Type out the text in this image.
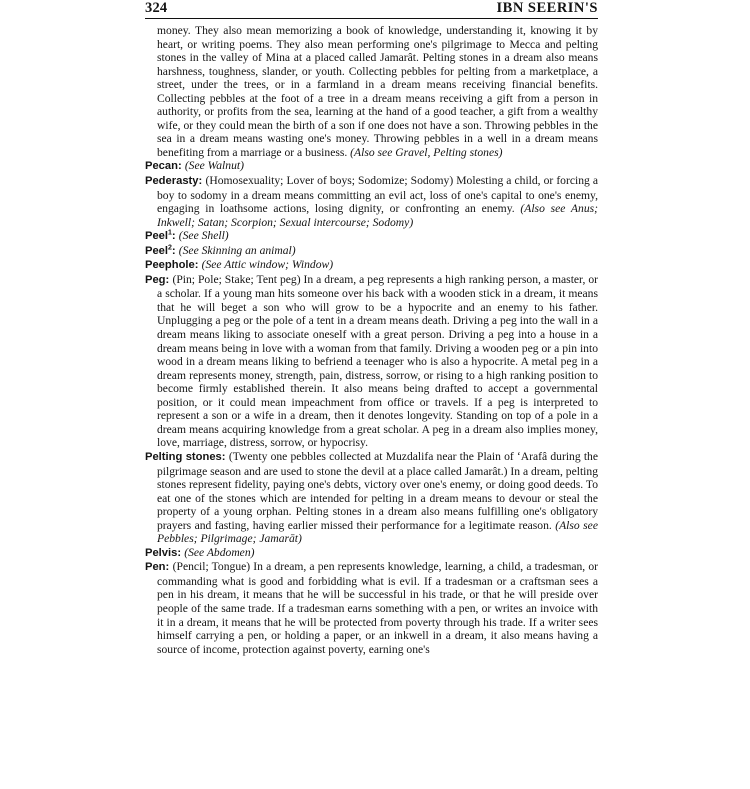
324	IBN SEERIN'S

money. They also mean memorizing a book of knowledge, understanding it, knowing it by heart, or writing poems. They also mean performing one's pilgrimage to Mecca and pelting stones in the valley of Mina at a placed called Jamarât. Pelting stones in a dream also means harshness, toughness, slander, or youth. Collecting pebbles for pelting from a marketplace, a street, under the trees, or in a farmland in a dream means receiving financial benefits. Collecting pebbles at the foot of a tree in a dream means receiving a gift from a person in authority, or profits from the sea, learning at the hand of a good teacher, a gift from a wealthy wife, or they could mean the birth of a son if one does not have a son. Throwing pebbles in the sea in a dream means wasting one's money. Throwing pebbles in a well in a dream means benefiting from a marriage or a business. (Also see Gravel, Pelting stones)

Pecan: (See Walnut)

Pederasty: (Homosexuality; Lover of boys; Sodomize; Sodomy) Molesting a child, or forcing a boy to sodomy in a dream means committing an evil act, loss of one's capital to one's enemy, engaging in loathsome actions, losing dignity, or confronting an enemy. (Also see Anus; Inkwell; Satan; Scorpion; Sexual intercourse; Sodomy)

Peel$^1$: (See Shell)

Peel$^2$: (See Skinning an animal)

Peephole: (See Attic window; Window)

Peg: (Pin; Pole; Stake; Tent peg) In a dream, a peg represents a high ranking person, a master, or a scholar. If a young man hits someone over his back with a wooden stick in a dream, it means that he will beget a son who will grow to be a hypocrite and an enemy to his father. Unplugging a peg or the pole of a tent in a dream means death. Driving a peg into the wall in a dream means liking to associate oneself with a great person. Driving a peg into a house in a dream means being in love with a woman from that family. Driving a wooden peg or a pin into wood in a dream means liking to befriend a teenager who is also a hypocrite. A metal peg in a dream represents money, strength, pain, distress, sorrow, or rising to a high ranking position to become firmly established therein. It also means being drafted to accept a governmental position, or it could mean impeachment from office or travels. If a peg is interpreted to represent a son or a wife in a dream, then it denotes longevity. Standing on top of a pole in a dream means acquiring knowledge from a great scholar. A peg in a dream also implies money, love, marriage, distress, sorrow, or hypocrisy.

Pelting stones: (Twenty one pebbles collected at Muzdalifa near the Plain of ‘Arafâ during the pilgrimage season and are used to stone the devil at a place called Jamarât.) In a dream, pelting stones represent fidelity, paying one's debts, victory over one's enemy, or doing good deeds. To eat one of the stones which are intended for pelting in a dream means to devour or steal the property of a young orphan. Pelting stones in a dream also means fulfilling one's obligatory prayers and fasting, having earlier missed their performance for a legitimate reason. (Also see Pebbles; Pilgrimage; Jamarāt)

Pelvis: (See Abdomen)

Pen: (Pencil; Tongue) In a dream, a pen represents knowledge, learning, a child, a tradesman, or commanding what is good and forbidding what is evil. If a tradesman or a craftsman sees a pen in his dream, it means that he will be successful in his trade, or that he will preside over people of the same trade. If a tradesman earns something with a pen, or writes an invoice with it in a dream, it means that he will be protected from poverty through his trade. If a writer sees himself carrying a pen, or holding a paper, or an inkwell in a dream, it also means having a source of income, protection against poverty, earning one's
